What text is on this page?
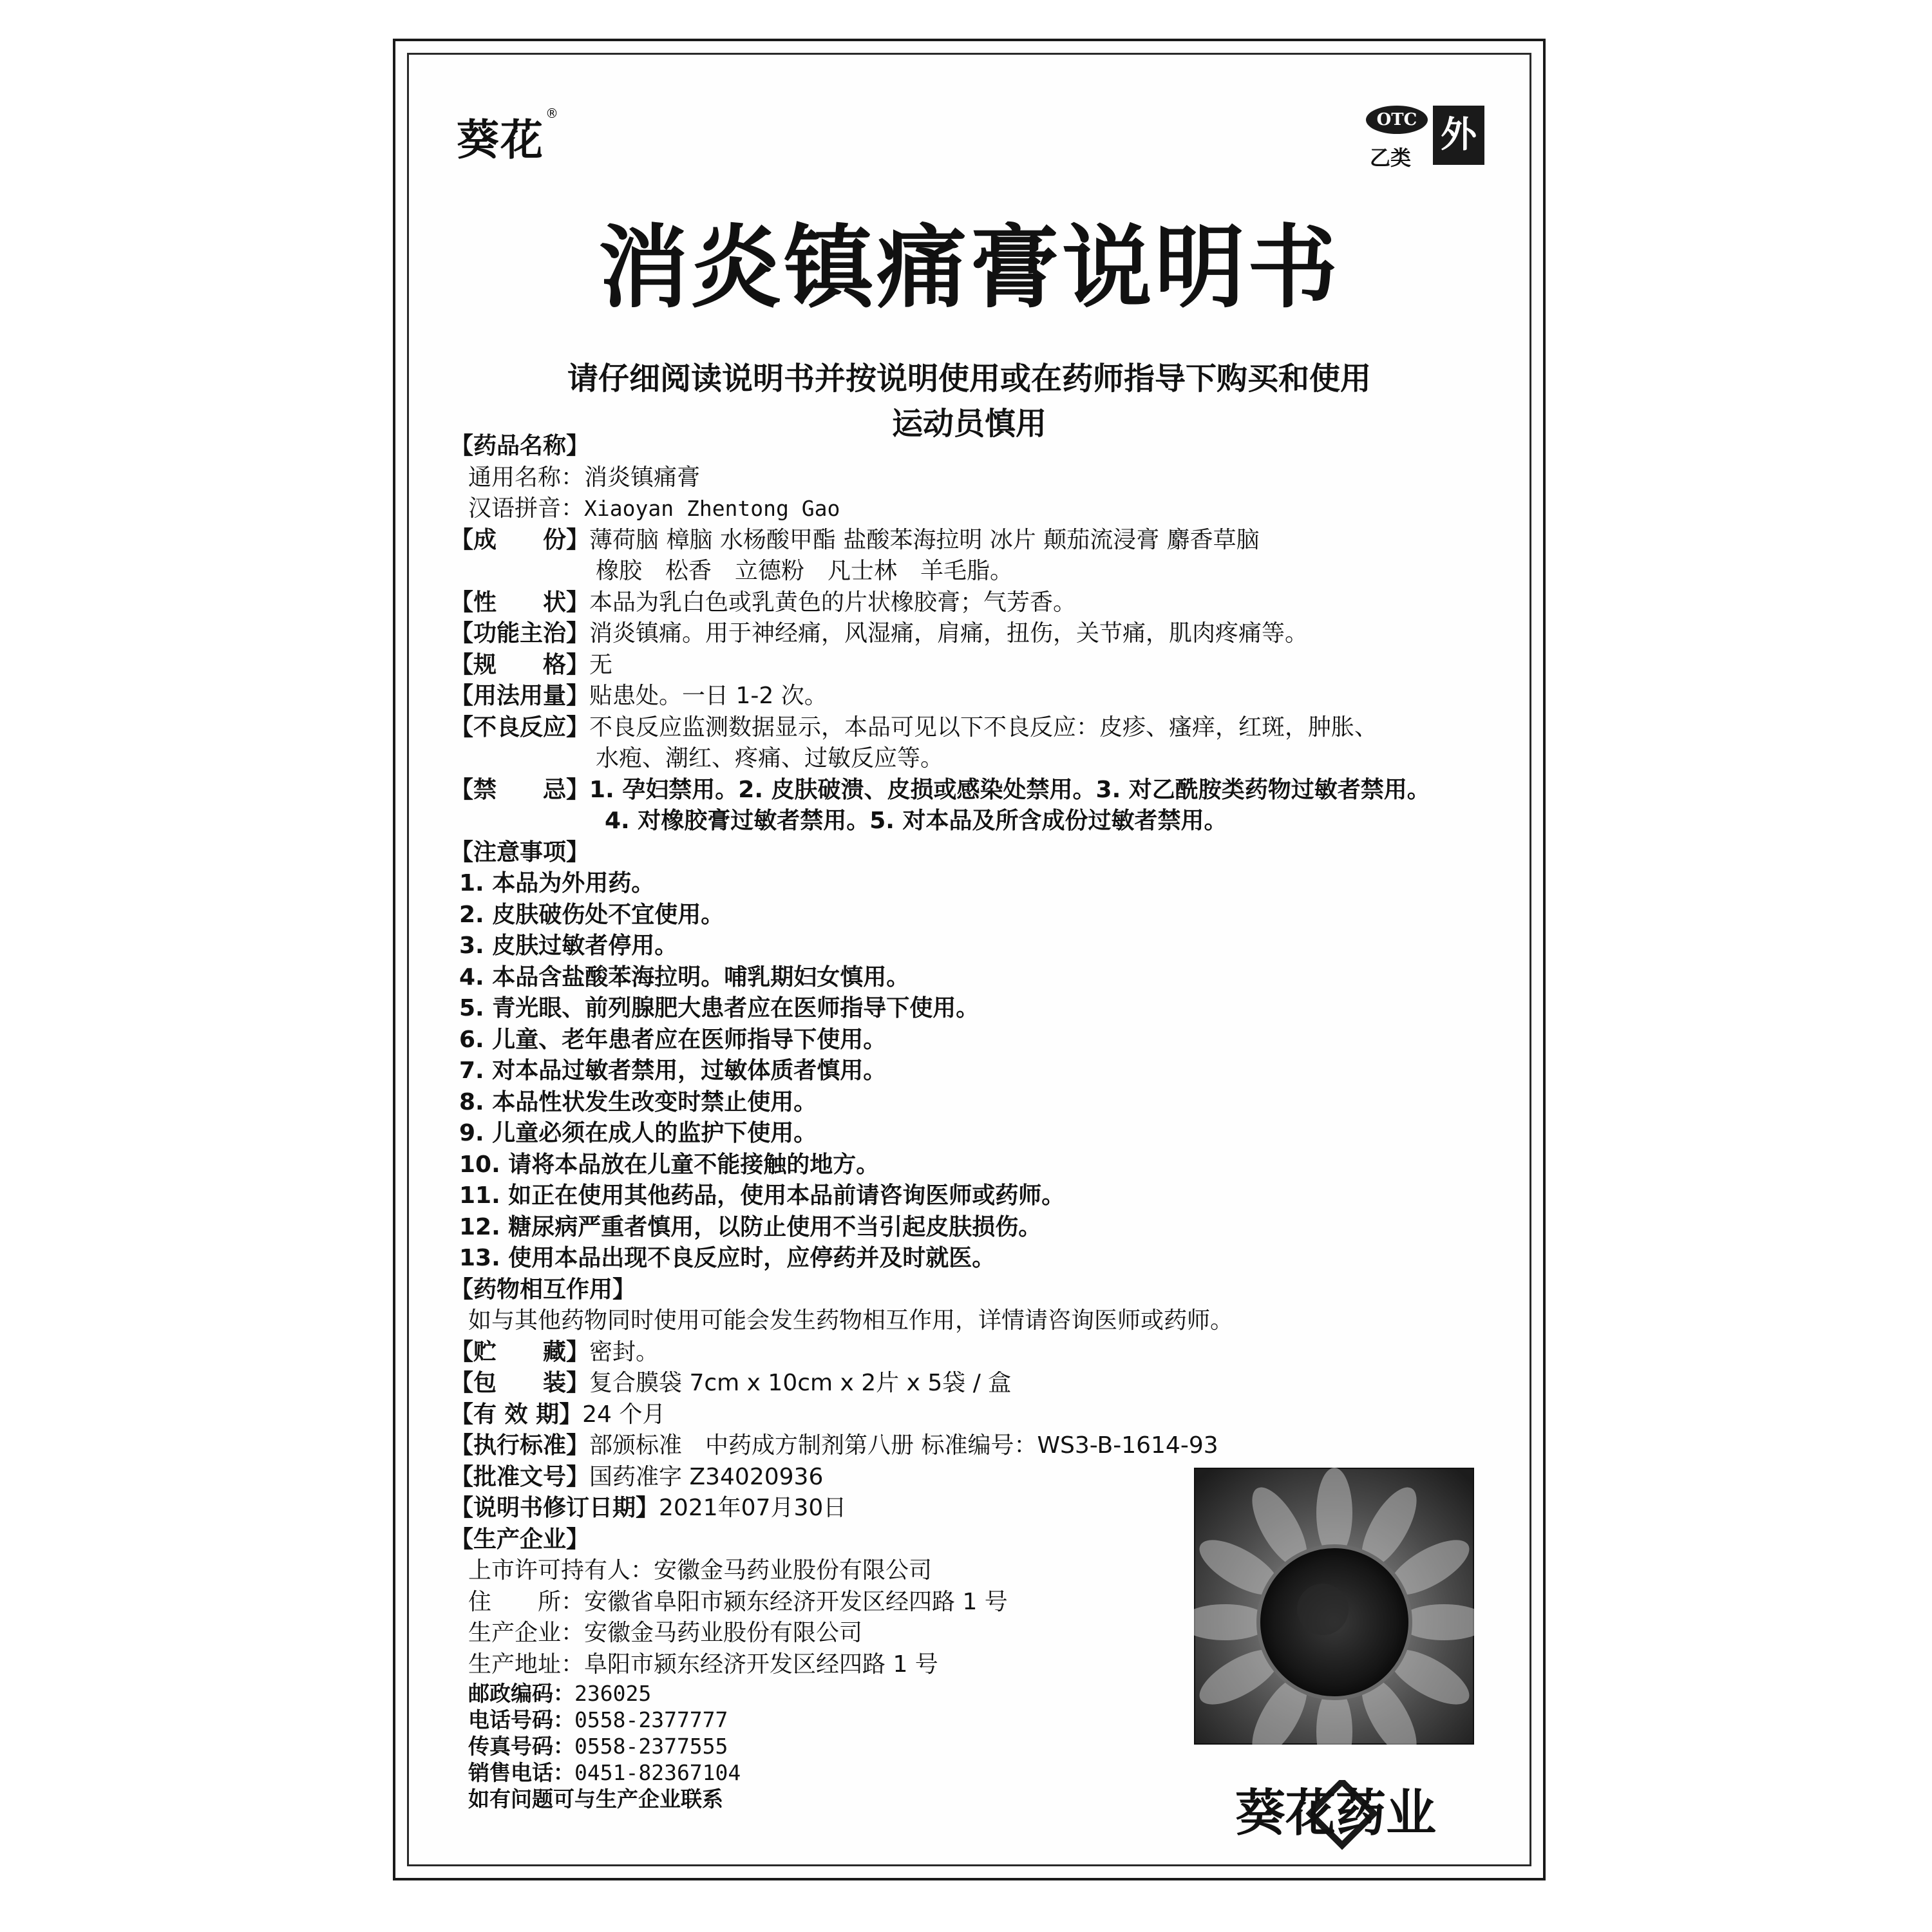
葵花®	OTC
乙类
外
消炎镇痛膏说明书
请仔细阅读说明书并按说明使用或在药师指导下购买和使用
运动员慎用
【药品名称】
通用名称： 消炎镇痛膏
汉语拼音： Xiaoyan Zhentong Gao
【成　　份】 薄荷脑 樟脑 水杨酸甲酯 盐酸苯海拉明 冰片 颠茄流浸膏 麝香草脑
橡胶　松香　立德粉　凡士林　羊毛脂。
【性　　状】 本品为乳白色或乳黄色的片状橡胶膏；气芳香。
【功能主治】 消炎镇痛。用于神经痛，风湿痛，肩痛，扭伤，关节痛，肌肉疼痛等。
【规　　格】 无
【用法用量】 贴患处。一日 1-2 次。
【不良反应】 不良反应监测数据显示，本品可见以下不良反应：皮疹、瘙痒，红斑，肿胀、
水疱、潮红、疼痛、过敏反应等。
【禁　　忌】 1. 孕妇禁用。2. 皮肤破溃、皮损或感染处禁用。3. 对乙酰胺类药物过敏者禁用。
4. 对橡胶膏过敏者禁用。5. 对本品及所含成份过敏者禁用。
【注意事项】
1. 本品为外用药。
2. 皮肤破伤处不宜使用。
3. 皮肤过敏者停用。
4. 本品含盐酸苯海拉明。哺乳期妇女慎用。
5. 青光眼、前列腺肥大患者应在医师指导下使用。
6. 儿童、老年患者应在医师指导下使用。
7. 对本品过敏者禁用，过敏体质者慎用。
8. 本品性状发生改变时禁止使用。
9. 儿童必须在成人的监护下使用。
10. 请将本品放在儿童不能接触的地方。
11. 如正在使用其他药品，使用本品前请咨询医师或药师。
12. 糖尿病严重者慎用，以防止使用不当引起皮肤损伤。
13. 使用本品出现不良反应时，应停药并及时就医。
【药物相互作用】
如与其他药物同时使用可能会发生药物相互作用，详情请咨询医师或药师。
【贮　　藏】 密封。
【包　　装】 复合膜袋 7cm x 10cm x 2片 x 5袋 / 盒
【有 效 期】 24 个月
【执行标准】 部颁标准　中药成方制剂第八册 标准编号：WS3-B-1614-93
【批准文号】 国药准字 Z34020936
【说明书修订日期】 2021年07月30日
【生产企业】
上市许可持有人： 安徽金马药业股份有限公司
住　　所： 安徽省阜阳市颍东经济开发区经四路 1 号
生产企业： 安徽金马药业股份有限公司
生产地址： 阜阳市颍东经济开发区经四路 1 号
邮政编码： 236025
电话号码： 0558-2377777
传真号码： 0558-2377555
销售电话： 0451-82367104
如有问题可与生产企业联系	葵花药业
